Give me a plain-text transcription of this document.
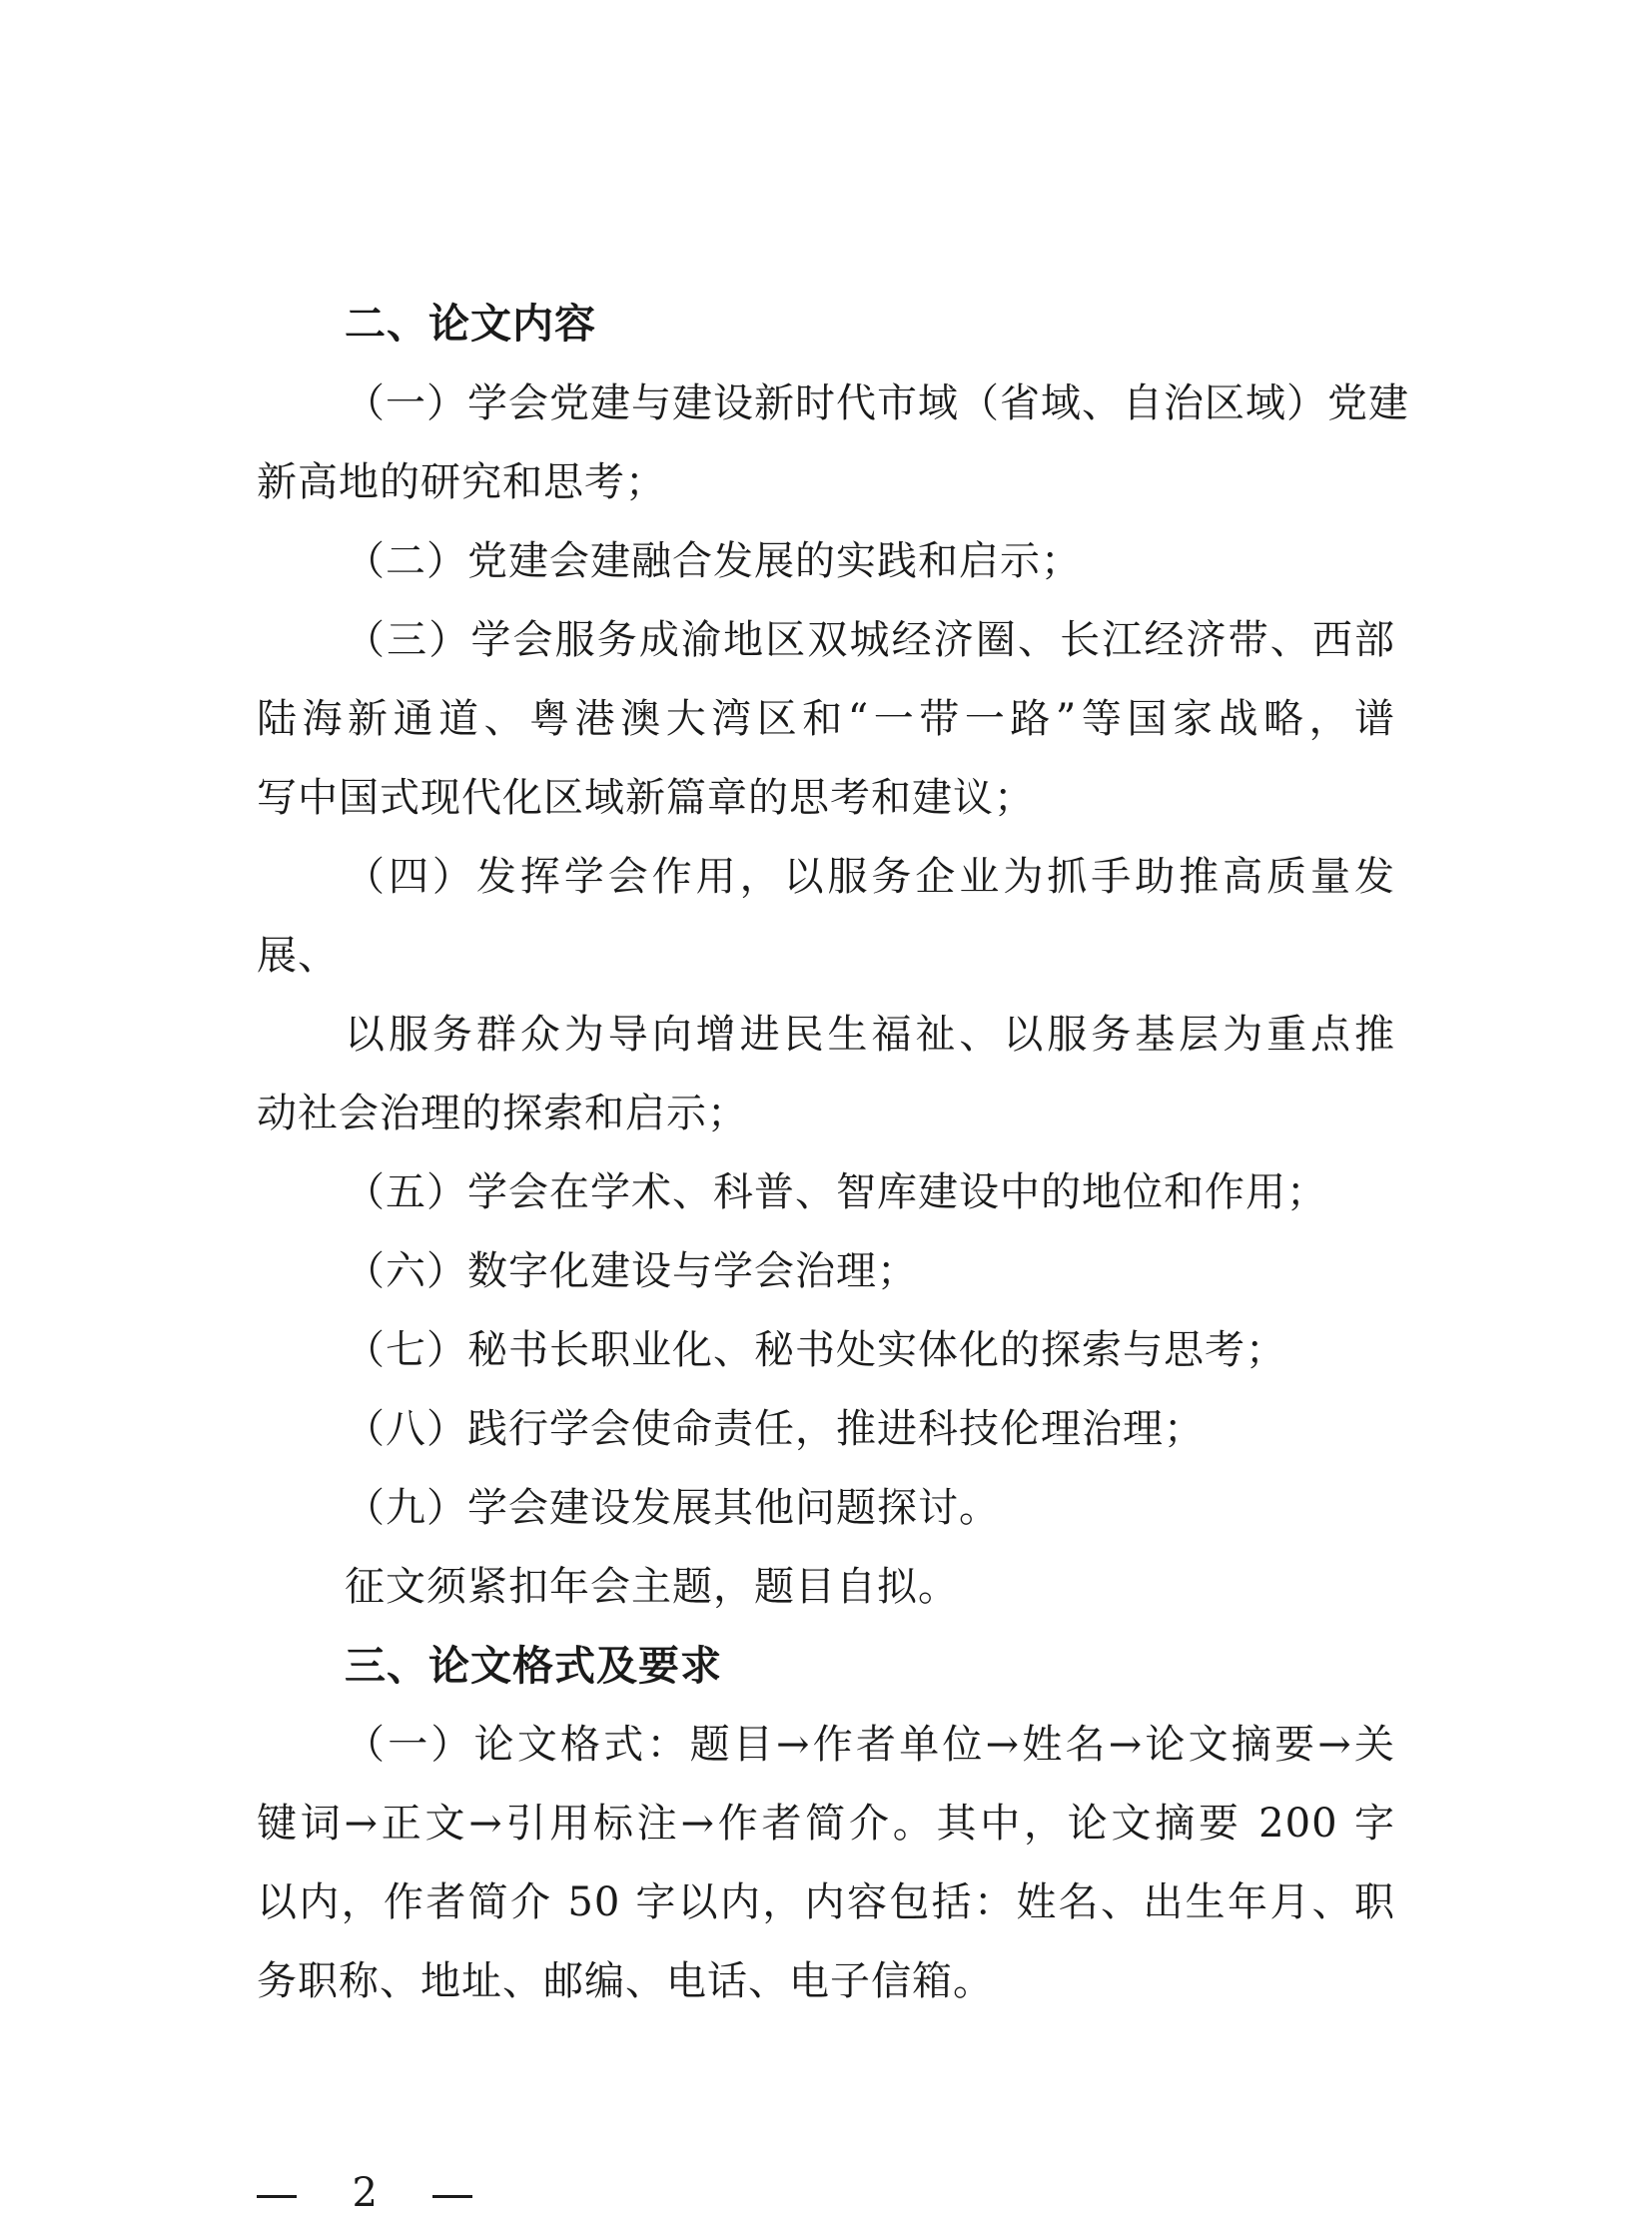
二、论文内容
（一）学会党建与建设新时代市域（省域、自治区域）党建
新高地的研究和思考；
（二）党建会建融合发展的实践和启示；
（三）学会服务成渝地区双城经济圈、长江经济带、西部
陆海新通道、粤港澳大湾区和“一带一路”等国家战略，谱
写中国式现代化区域新篇章的思考和建议；
（四）发挥学会作用，以服务企业为抓手助推高质量发
展、
以服务群众为导向增进民生福祉、以服务基层为重点推
动社会治理的探索和启示；
（五）学会在学术、科普、智库建设中的地位和作用；
（六）数字化建设与学会治理；
（七）秘书长职业化、秘书处实体化的探索与思考；
（八）践行学会使命责任，推进科技伦理治理；
（九）学会建设发展其他问题探讨。
征文须紧扣年会主题，题目自拟。
三、论文格式及要求
（一）论文格式：题目→作者单位→姓名→论文摘要→关
键词→正文→引用标注→作者简介。其中，论文摘要 200 字
以内，作者简介 50 字以内，内容包括：姓名、出生年月、职
务职称、地址、邮编、电话、电子信箱。
2
